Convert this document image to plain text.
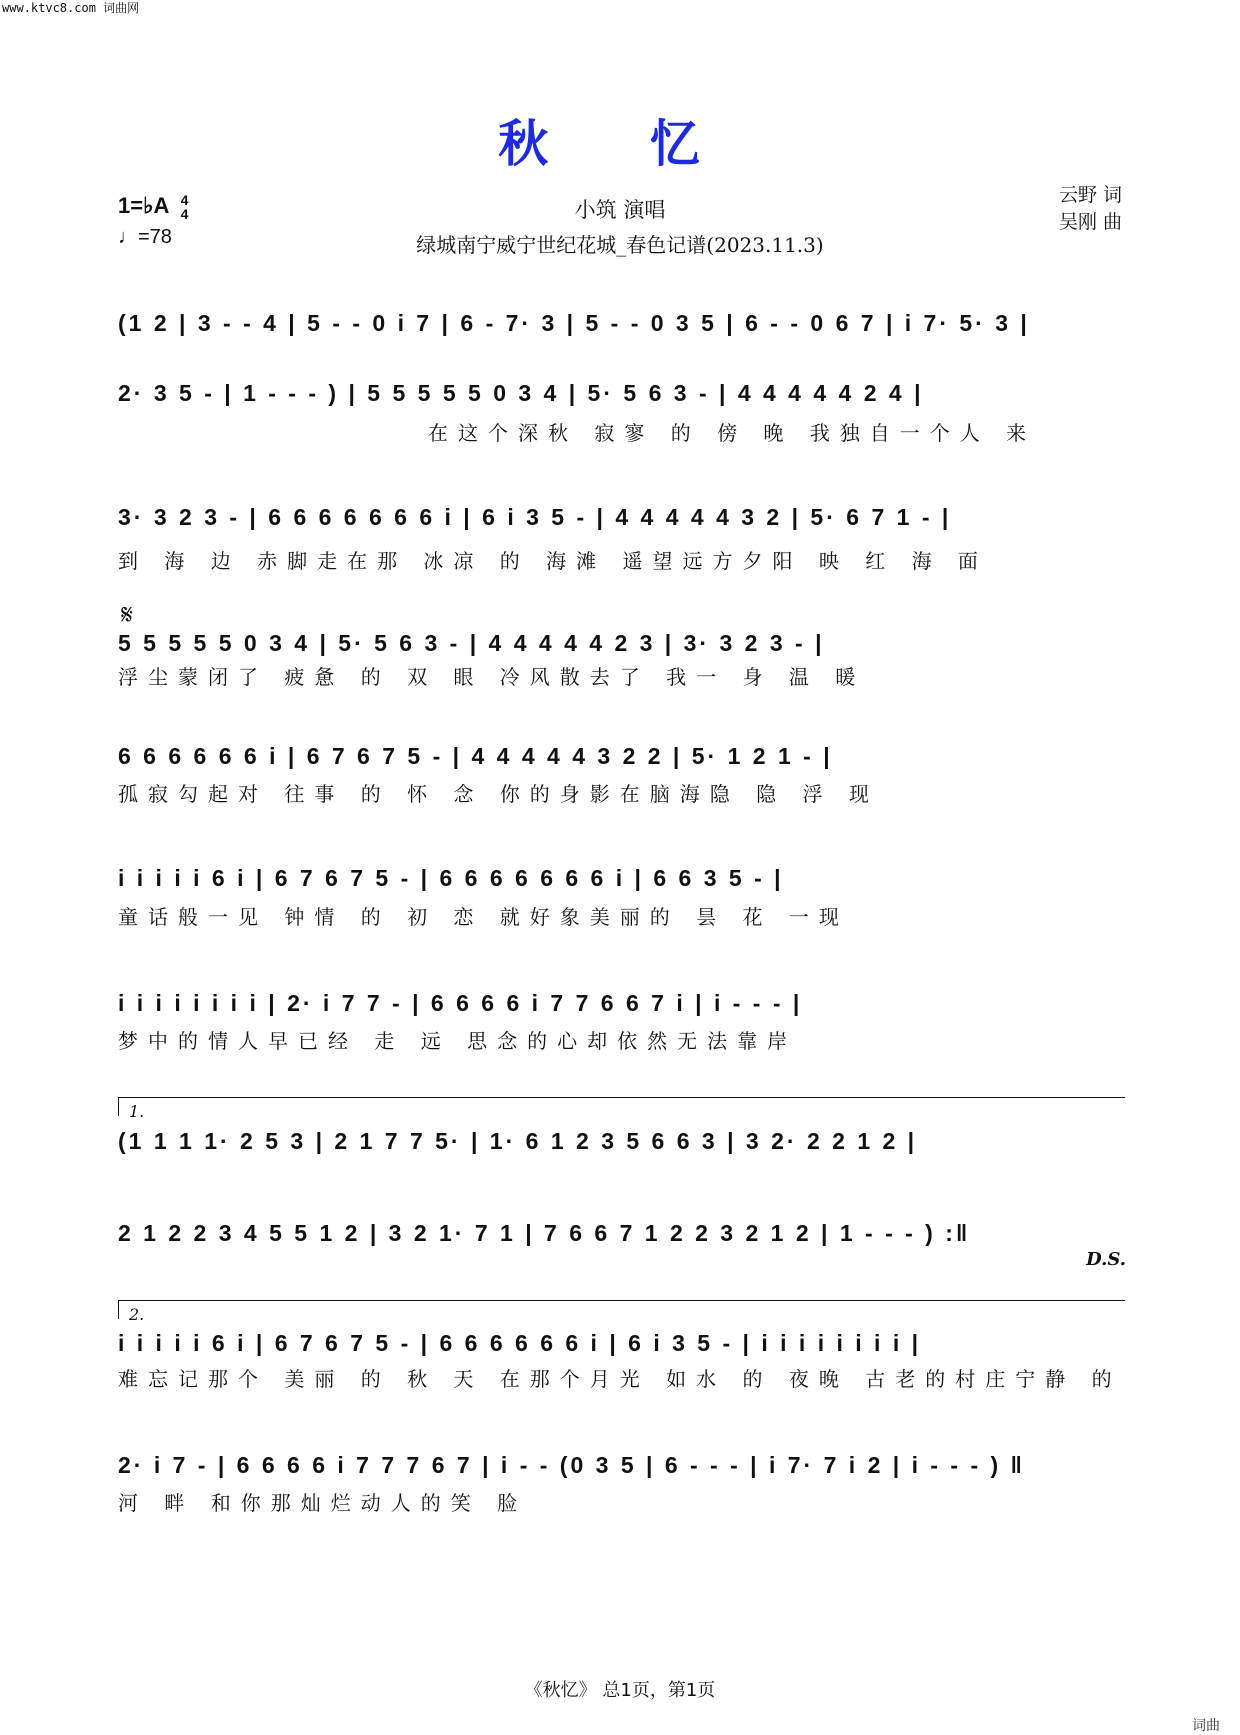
www.ktvc8.com 词曲网
秋 忆
1=♭A 4
4
♩=78
小筑 演唱
绿城南宁威宁世纪花城_春色记谱(2023.11.3)
云野 词
吴刚 曲
(1 2 | 3 - - 4 | 5 - - 0 i 7 | 6 - 7· 3 | 5 - - 0 3 5 | 6 - - 0 6 7 | i 7· 5· 3 |
2· 3 5 - | 1 - - - ) | 5 5 5 5 5 0 3 4 | 5· 5 6 3 - | 4 4 4 4 4 2 4 |
在这个深秋 寂寥 的 傍 晚 我独自一个人 来
3· 3 2 3 - | 6 6 6 6 6 6 6 i | 6 i 3 5 - | 4 4 4 4 4 3 2 | 5· 6 7 1 - |
到 海 边 赤脚走在那 冰凉 的 海滩 遥望远方夕阳 映 红 海 面
𝄋
5 5 5 5 5 0 3 4 | 5· 5 6 3 - | 4 4 4 4 4 2 3 | 3· 3 2 3 - |
浮尘蒙闭了 疲惫 的 双 眼 冷风散去了 我一 身 温 暖
6 6 6 6 6 6 i | 6 7 6 7 5 - | 4 4 4 4 4 3 2 2 | 5· 1 2 1 - |
孤寂勾起对 往事 的 怀 念 你的身影在脑海隐 隐 浮 现
i i i i i 6 i | 6 7 6 7 5 - | 6 6 6 6 6 6 6 i | 6 6 3 5 - |
童话般一见 钟情 的 初 恋 就好象美丽的 昙 花 一现
i i i i i i i i | 2· i 7 7 - | 6 6 6 6 i 7 7 6 6 7 i | i - - - |
梦中的情人早已经 走 远 思念的心却依然无法靠岸
1.
(1 1 1 1· 2 5 3 | 2 1 7 7 5· | 1· 6 1 2 3 5 6 6 3 | 3 2· 2 2 1 2 |
2 1 2 2 3 4 5 5 1 2 | 3 2 1· 7 1 | 7 6 6 7 1 2 2 3 2 1 2 | 1 - - - ) :‖
D.S.
2.
i i i i i 6 i | 6 7 6 7 5 - | 6 6 6 6 6 6 i | 6 i 3 5 - | i i i i i i i i |
难忘记那个 美丽 的 秋 天 在那个月光 如水 的 夜晚 古老的村庄宁静 的
2· i 7 - | 6 6 6 6 i 7 7 7 6 7 | i - - (0 3 5 | 6 - - - | i 7· 7 i 2 | i - - - ) ‖
河 畔 和你那灿烂动人的笑 脸
《秋忆》 总1页，第1页
词曲
